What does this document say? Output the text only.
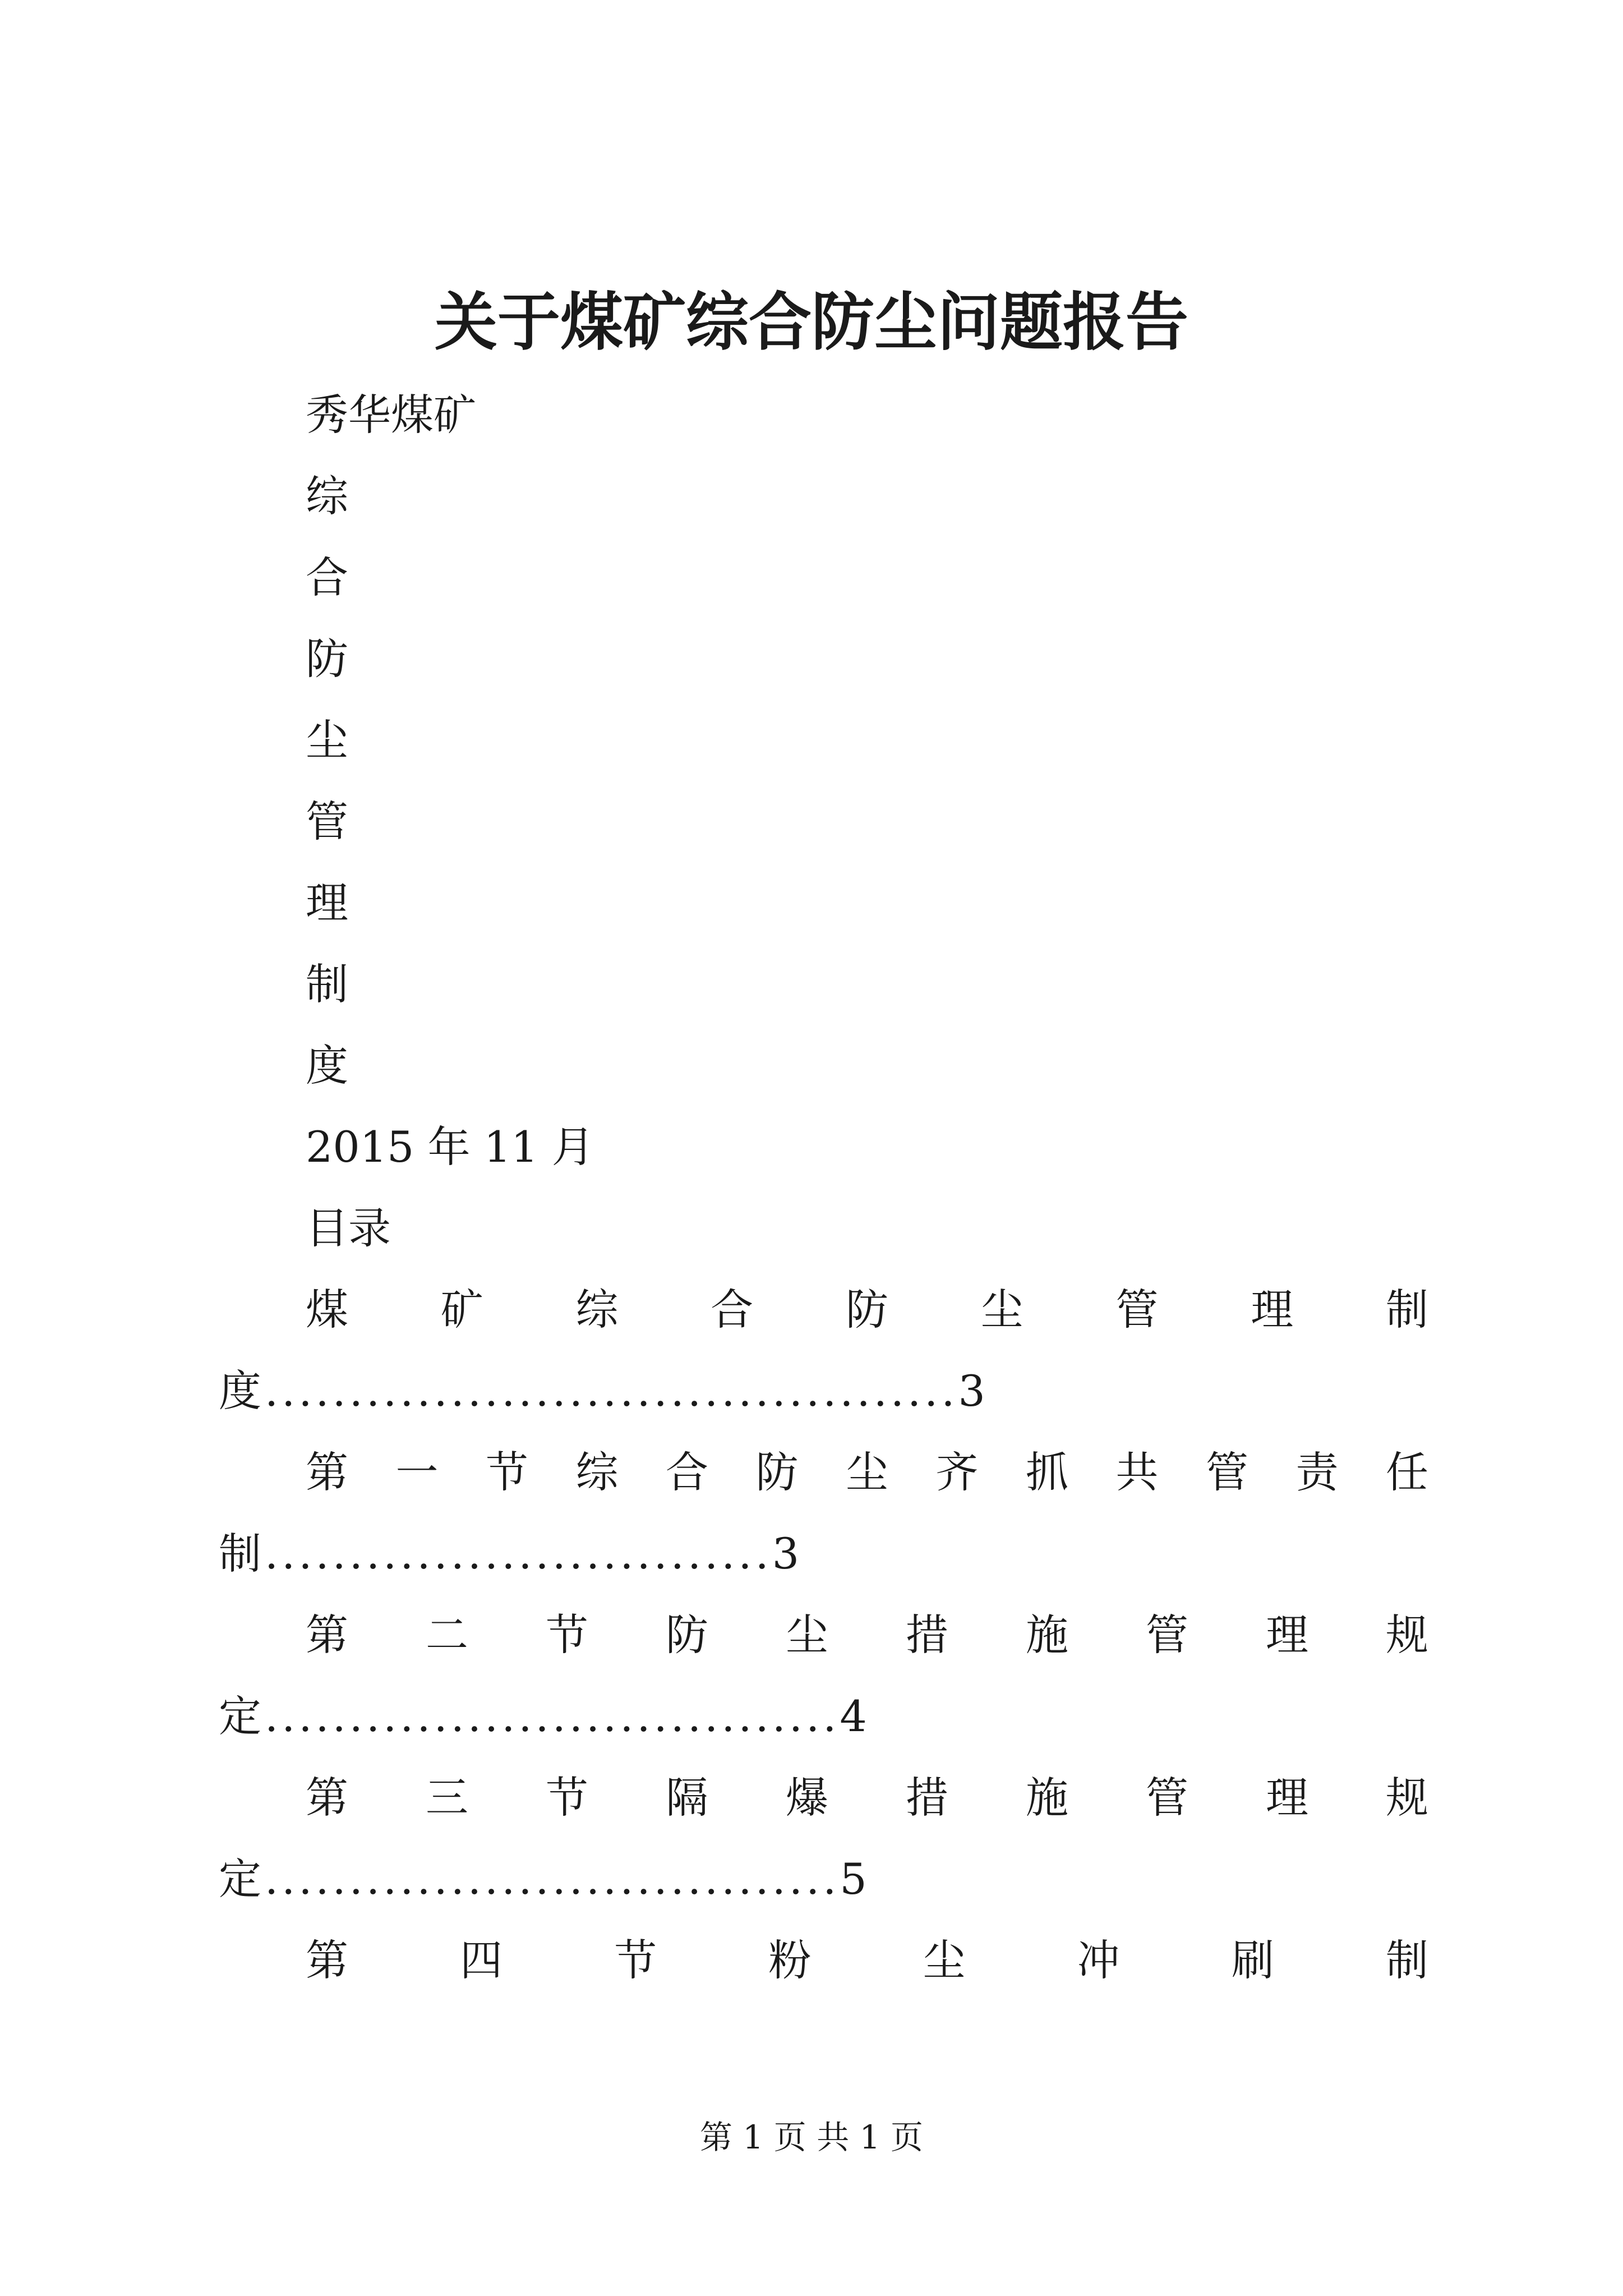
关于煤矿综合防尘问题报告
秀华煤矿
综
合
防
尘
管
理
制
度
2015 年 11 月
目录
煤 矿 综 合 防 尘 管 理 制
度.........................................3
第 一 节 综 合 防 尘 齐 抓 共 管 责 任
制..............................3
第 二 节 防 尘 措 施 管 理 规
定..................................4
第 三 节 隔 爆 措 施 管 理 规
定..................................5
第	四	节	粉	尘	冲	刷	制
第 1 页 共 1 页
